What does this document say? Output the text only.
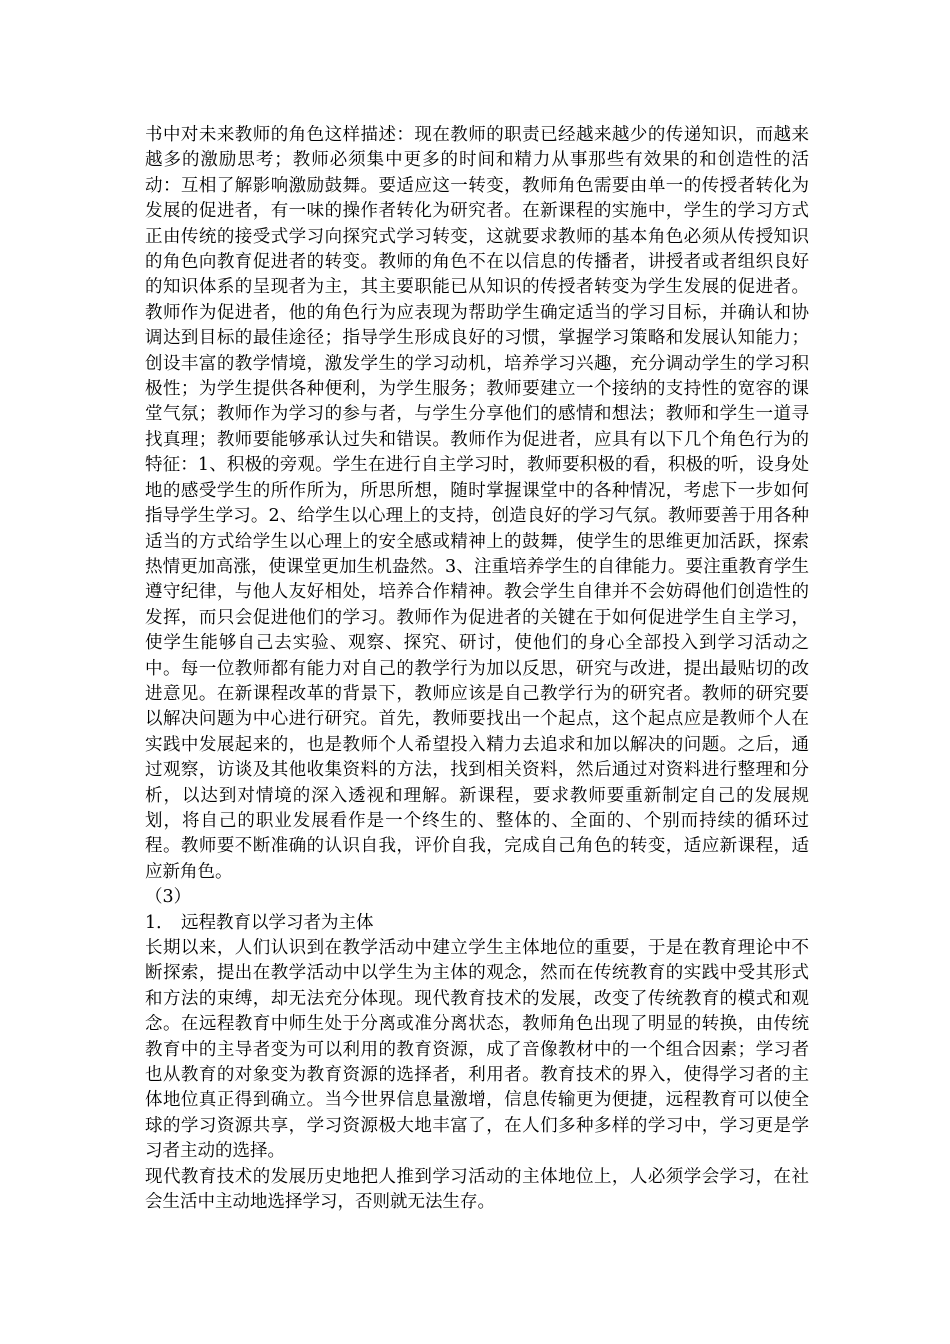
书中对未来教师的角色这样描述：现在教师的职责已经越来越少的传递知识，而越来越多的激励思考；教师必须集中更多的时间和精力从事那些有效果的和创造性的活动：互相了解影响激励鼓舞。要适应这一转变，教师角色需要由单一的传授者转化为发展的促进者，有一味的操作者转化为研究者。在新课程的实施中，学生的学习方式正由传统的接受式学习向探究式学习转变，这就要求教师的基本角色必须从传授知识的角色向教育促进者的转变。教师的角色不在以信息的传播者，讲授者或者组织良好的知识体系的呈现者为主，其主要职能已从知识的传授者转变为学生发展的促进者。教师作为促进者，他的角色行为应表现为帮助学生确定适当的学习目标，并确认和协调达到目标的最佳途径；指导学生形成良好的习惯，掌握学习策略和发展认知能力；创设丰富的教学情境，激发学生的学习动机，培养学习兴趣，充分调动学生的学习积极性；为学生提供各种便利，为学生服务；教师要建立一个接纳的支持性的宽容的课堂气氛；教师作为学习的参与者，与学生分享他们的感情和想法；教师和学生一道寻找真理；教师要能够承认过失和错误。教师作为促进者，应具有以下几个角色行为的特征：1、积极的旁观。学生在进行自主学习时，教师要积极的看，积极的听，设身处地的感受学生的所作所为，所思所想，随时掌握课堂中的各种情况，考虑下一步如何指导学生学习。2、给学生以心理上的支持，创造良好的学习气氛。教师要善于用各种适当的方式给学生以心理上的安全感或精神上的鼓舞，使学生的思维更加活跃，探索热情更加高涨，使课堂更加生机盎然。3、注重培养学生的自律能力。要注重教育学生遵守纪律，与他人友好相处，培养合作精神。教会学生自律并不会妨碍他们创造性的发挥，而只会促进他们的学习。教师作为促进者的关键在于如何促进学生自主学习，使学生能够自己去实验、观察、探究、研讨，使他们的身心全部投入到学习活动之中。每一位教师都有能力对自己的教学行为加以反思，研究与改进，提出最贴切的改进意见。在新课程改革的背景下，教师应该是自己教学行为的研究者。教师的研究要以解决问题为中心进行研究。首先，教师要找出一个起点，这个起点应是教师个人在实践中发展起来的，也是教师个人希望投入精力去追求和加以解决的问题。之后，通过观察，访谈及其他收集资料的方法，找到相关资料，然后通过对资料进行整理和分析，以达到对情境的深入透视和理解。新课程，要求教师要重新制定自己的发展规划，将自己的职业发展看作是一个终生的、整体的、全面的、个别而持续的循环过程。教师要不断准确的认识自我，评价自我，完成自己角色的转变，适应新课程，适应新角色。

（3）

1． 远程教育以学习者为主体

长期以来，人们认识到在教学活动中建立学生主体地位的重要，于是在教育理论中不断探索，提出在教学活动中以学生为主体的观念，然而在传统教育的实践中受其形式和方法的束缚，却无法充分体现。现代教育技术的发展，改变了传统教育的模式和观念。在远程教育中师生处于分离或准分离状态，教师角色出现了明显的转换，由传统教育中的主导者变为可以利用的教育资源，成了音像教材中的一个组合因素；学习者也从教育的对象变为教育资源的选择者，利用者。教育技术的界入，使得学习者的主体地位真正得到确立。当今世界信息量激增，信息传输更为便捷，远程教育可以使全球的学习资源共享，学习资源极大地丰富了，在人们多种多样的学习中，学习更是学习者主动的选择。

现代教育技术的发展历史地把人推到学习活动的主体地位上，人必须学会学习，在社会生活中主动地选择学习，否则就无法生存。
